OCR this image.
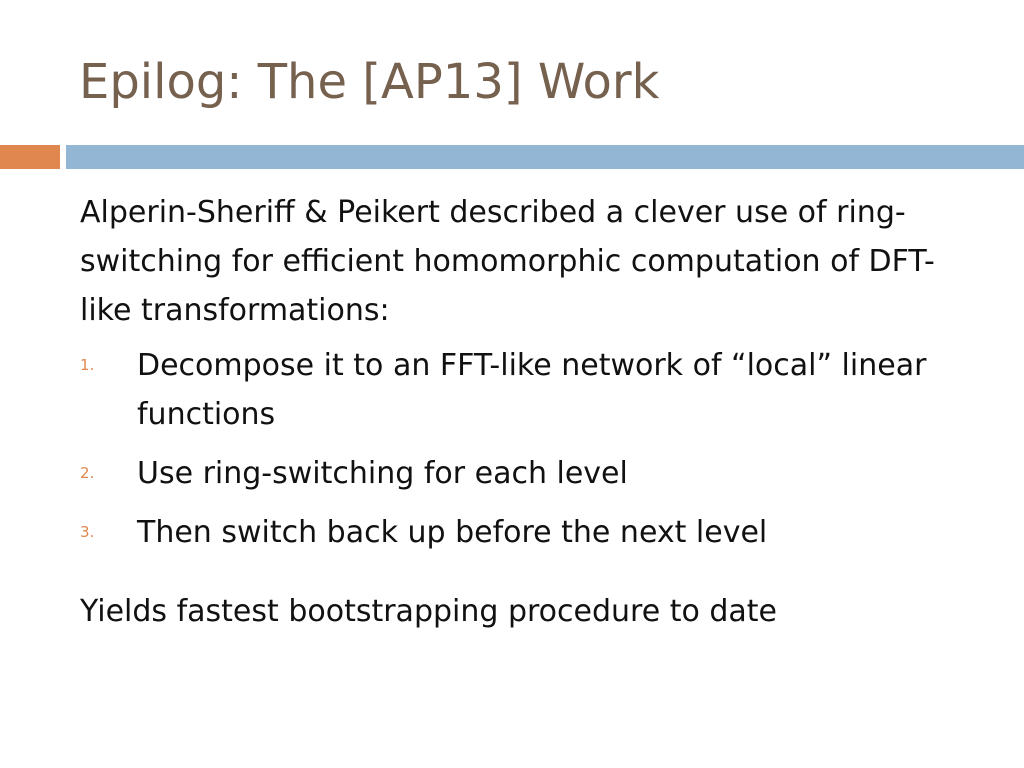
Epilog: The [AP13] Work

Alperin-Sheriff & Peikert described a clever use of ring-switching for efficient homomorphic computation of DFT-like transformations:

1. Decompose it to an FFT-like network of “local” linear functions
2. Use ring-switching for each level
3. Then switch back up before the next level

Yields fastest bootstrapping procedure to date
